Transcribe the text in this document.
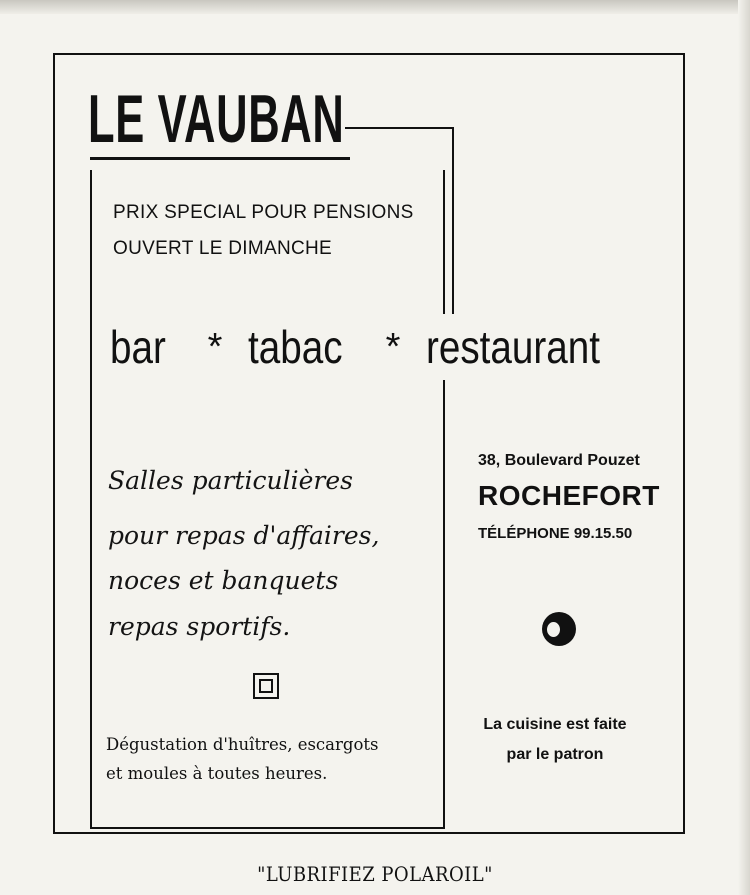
LE VAUBAN
PRIX SPECIAL POUR PENSIONS
OUVERT LE DIMANCHE
bar * tabac * restaurant
Salles particulières
pour repas d'affaires,
noces et banquets
repas sportifs.
Dégustation d'huîtres, escargots
et moules à toutes heures.
38, Boulevard Pouzet
ROCHEFORT
TÉLÉPHONE 99.15.50
La cuisine est faite
par le patron
"LUBRIFIEZ POLAROIL"
